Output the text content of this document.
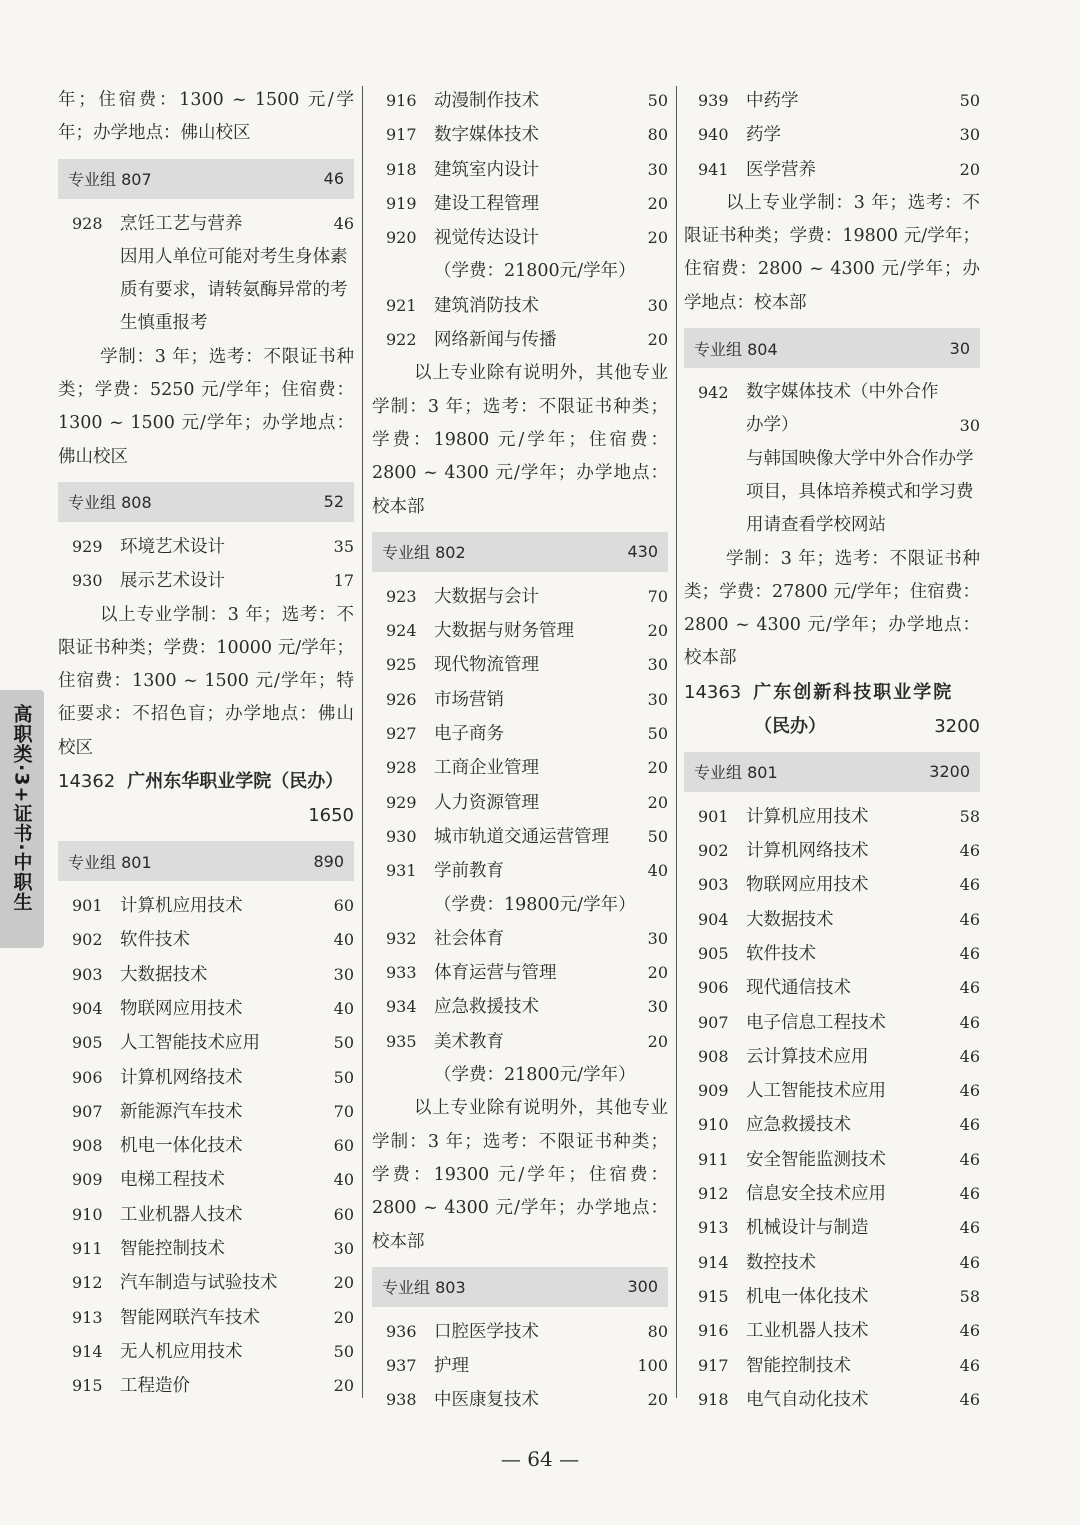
高职类·3+证书·中职生

年；住宿费：1300 ~ 1500 元/学年；办学地点：佛山校区

专业组 807	46
928 烹饪工艺与营养	46
因用人单位可能对考生身体素质有要求，请转氨酶异常的考生慎重报考

学制：3 年；选考：不限证书种类；学费：5250 元/学年；住宿费：1300 ~ 1500 元/学年；办学地点：佛山校区

专业组 808	52
929 环境艺术设计	35
930 展示艺术设计	17

以上专业学制：3 年；选考：不限证书种类；学费：10000 元/学年；住宿费：1300 ~ 1500 元/学年；特征要求：不招色盲；办学地点：佛山校区

14362 广州东华职业学院（民办）
1650
专业组 801	890
901 计算机应用技术	60
902 软件技术	40
903 大数据技术	30
904 物联网应用技术	40
905 人工智能技术应用	50
906 计算机网络技术	50
907 新能源汽车技术	70
908 机电一体化技术	60
909 电梯工程技术	40
910 工业机器人技术	60
911 智能控制技术	30
912 汽车制造与试验技术	20
913 智能网联汽车技术	20
914 无人机应用技术	50
915 工程造价	20
916 动漫制作技术	50
917 数字媒体技术	80
918 建筑室内设计	30
919 建设工程管理	20
920 视觉传达设计	20
（学费：21800元/学年）
921 建筑消防技术	30
922 网络新闻与传播	20

以上专业除有说明外，其他专业学制：3 年；选考：不限证书种类；学费：19800 元/学年；住宿费：2800 ~ 4300 元/学年；办学地点：校本部

专业组 802	430
923 大数据与会计	70
924 大数据与财务管理	20
925 现代物流管理	30
926 市场营销	30
927 电子商务	50
928 工商企业管理	20
929 人力资源管理	20
930 城市轨道交通运营管理	50
931 学前教育	40
（学费：19800元/学年）
932 社会体育	30
933 体育运营与管理	20
934 应急救援技术	30
935 美术教育	20
（学费：21800元/学年）

以上专业除有说明外，其他专业学制：3 年；选考：不限证书种类；学费：19300 元/学年；住宿费：2800 ~ 4300 元/学年；办学地点：校本部

专业组 803	300
936 口腔医学技术	80
937 护理	100
938 中医康复技术	20
939 中药学	50
940 药学	30
941 医学营养	20

以上专业学制：3 年；选考：不限证书种类；学费：19800 元/学年；住宿费：2800 ~ 4300 元/学年；办学地点：校本部

专业组 804	30
942 数字媒体技术（中外合作办学）	30
与韩国映像大学中外合作办学项目，具体培养模式和学习费用请查看学校网站

学制：3 年；选考：不限证书种类；学费：27800 元/学年；住宿费：2800 ~ 4300 元/学年；办学地点：校本部

14363 广东创新科技职业学院
（民办）	3200
专业组 801	3200
901 计算机应用技术	58
902 计算机网络技术	46
903 物联网应用技术	46
904 大数据技术	46
905 软件技术	46
906 现代通信技术	46
907 电子信息工程技术	46
908 云计算技术应用	46
909 人工智能技术应用	46
910 应急救援技术	46
911 安全智能监测技术	46
912 信息安全技术应用	46
913 机械设计与制造	46
914 数控技术	46
915 机电一体化技术	58
916 工业机器人技术	46
917 智能控制技术	46
918 电气自动化技术	46
— 64 —
